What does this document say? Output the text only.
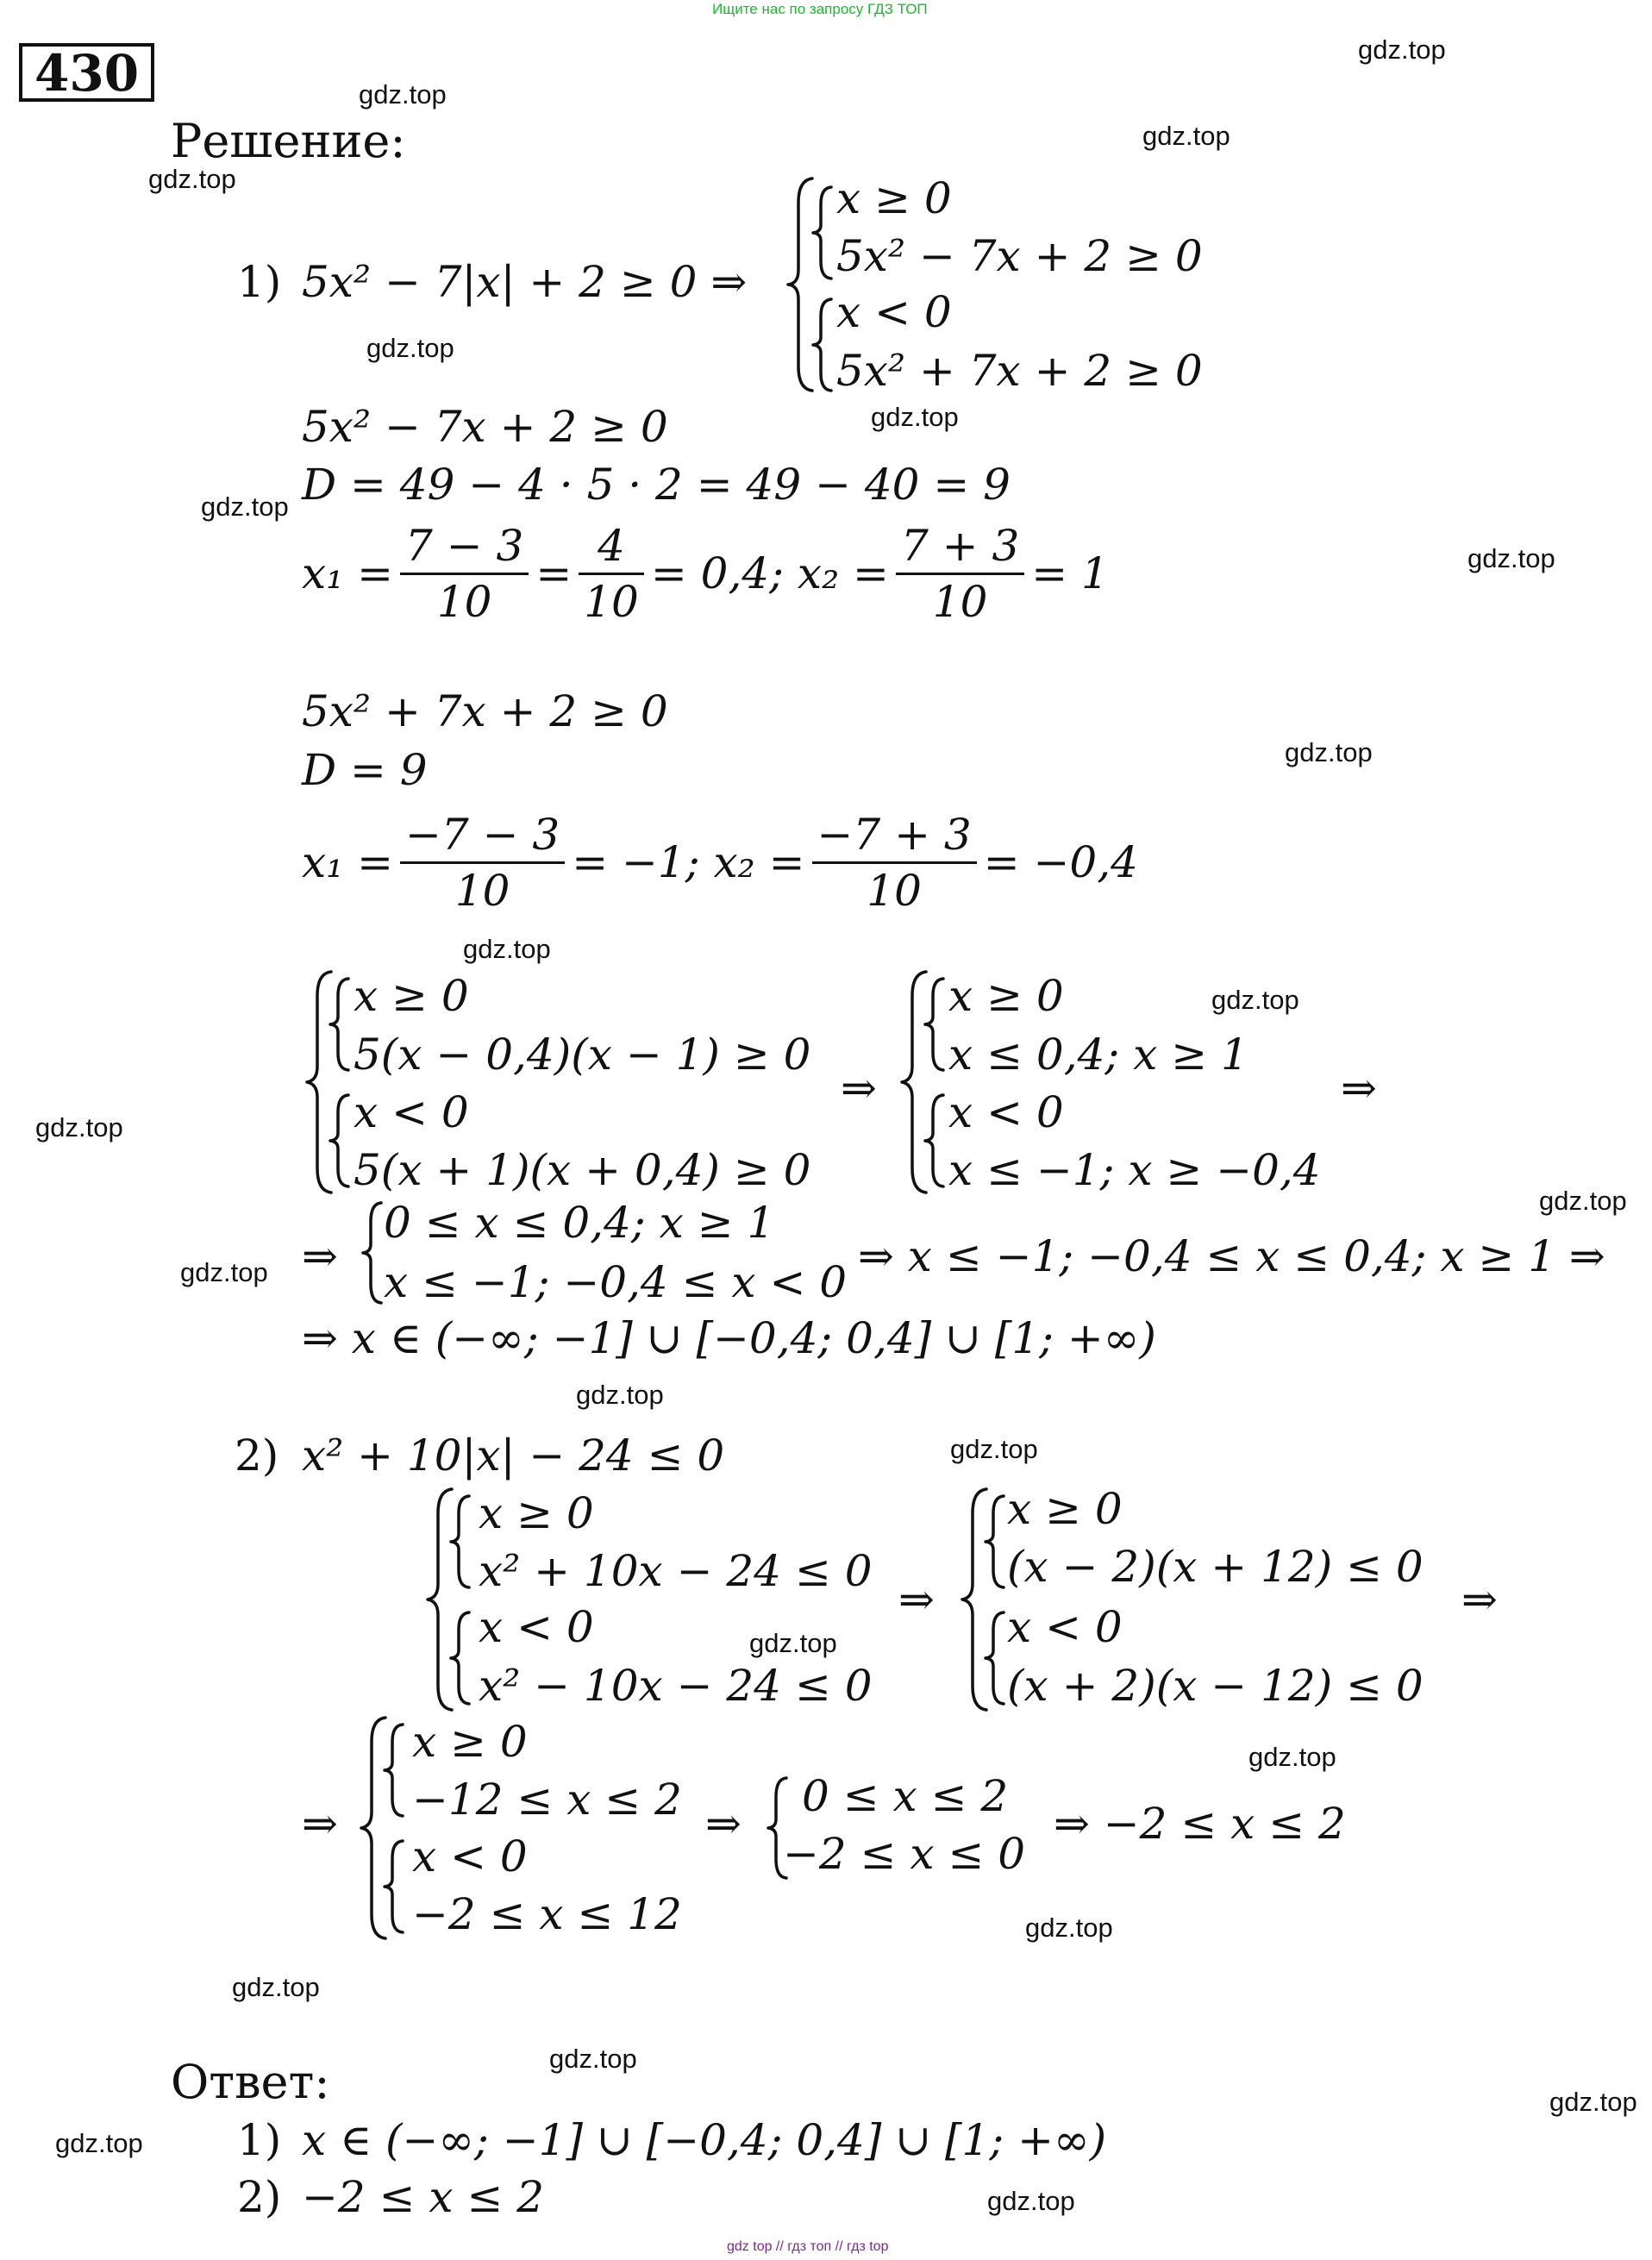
Ищите нас по запросу ГДЗ ТОП
430
Решение:
1) 5x² − 7|x| + 2 ≥ 0 ⇒
x ≥ 0
5x² − 7x + 2 ≥ 0
x < 0
5x² + 7x + 2 ≥ 0
5x² − 7x + 2 ≥ 0
D = 49 − 4 · 5 · 2 = 49 − 40 = 9
$x_1 = \frac{7 - 3}{10} = \frac{4}{10} = 0,4$; $x_2 = \frac{7 + 3}{10} = 1$
5x² + 7x + 2 ≥ 0
D = 9
$x_1 = \frac{-7 - 3}{10} = -1$; $x_2 = \frac{-7 + 3}{10} = -0,4$
x ≥ 0
5(x − 0,4)(x − 1) ≥ 0
x < 0
5(x + 1)(x + 0,4) ≥ 0
⇒
x ≥ 0
x ≤ 0,4; x ≥ 1
x < 0
x ≤ −1; x ≥ −0,4
⇒
⇒
0 ≤ x ≤ 0,4; x ≥ 1
x ≤ −1; −0,4 ≤ x < 0
⇒ x ≤ −1; −0,4 ≤ x ≤ 0,4; x ≥ 1 ⇒
⇒ x ∈ (−∞; −1] ∪ [−0,4; 0,4] ∪ [1; +∞)
2) x² + 10|x| − 24 ≤ 0
x ≥ 0
x² + 10x − 24 ≤ 0
x < 0
x² − 10x − 24 ≤ 0
⇒
x ≥ 0
(x − 2)(x + 12) ≤ 0
x < 0
(x + 2)(x − 12) ≤ 0
⇒
⇒
x ≥ 0
−12 ≤ x ≤ 2
x < 0
−2 ≤ x ≤ 12
⇒
0 ≤ x ≤ 2
−2 ≤ x ≤ 0
⇒ −2 ≤ x ≤ 2
Ответ:
1) x ∈ (−∞; −1] ∪ [−0,4; 0,4] ∪ [1; +∞)
2) −2 ≤ x ≤ 2
gdz.top
gdz.top
gdz.top
gdz.top
gdz.top
gdz.top
gdz.top
gdz.top
gdz.top
gdz.top
gdz.top
gdz.top
gdz.top
gdz.top
gdz.top
gdz.top
gdz.top
gdz.top
gdz.top
gdz.top
gdz.top
gdz.top
gdz.top
gdz.top
gdz top // гдз топ // гдз top
